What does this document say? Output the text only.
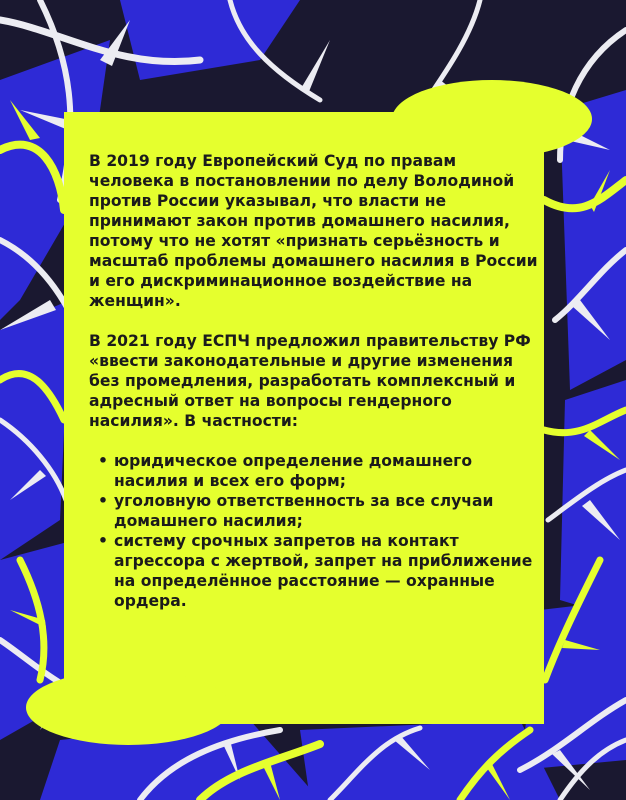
В 2019 году Европейский Суд по правам человека в постановлении по делу Володиной против России указывал, что власти не принимают закон против домашнего насилия, потому что не хотят «признать серьёзность и масштаб проблемы домашнего насилия в России и его дискриминационное воздействие на женщин».

В 2021 году ЕСПЧ предложил правительству РФ «ввести законодательные и другие изменения без промедления, разработать комплексный и адресный ответ на вопросы гендерного насилия». В частности:

• юридическое определение домашнего насилия и всех его форм;
• уголовную ответственность за все случаи домашнего насилия;
• систему срочных запретов на контакт агрессора с жертвой, запрет на приближение на определённое расстояние — охранные ордера.
